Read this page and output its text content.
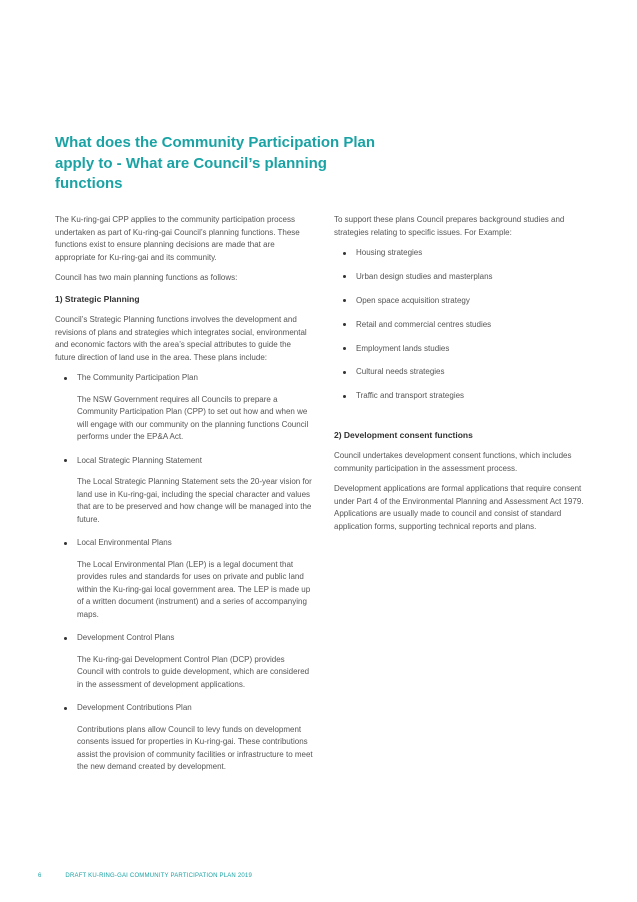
What does the Community Participation Plan apply to - What are Council’s planning functions

The Ku-ring-gai CPP applies to the community participation process undertaken as part of Ku-ring-gai Council’s planning functions. These functions exist to ensure planning decisions are made that are appropriate for Ku-ring-gai and its community.

Council has two main planning functions as follows:

1) Strategic Planning

Council’s Strategic Planning functions involves the development and revisions of plans and strategies which integrates social, environmental and economic factors with the area’s special attributes to guide the future direction of land use in the area. These plans include:

The Community Participation Plan
The NSW Government requires all Councils to prepare a Community Participation Plan (CPP) to set out how and when we will engage with our community on the planning functions Council performs under the EP&A Act.
Local Strategic Planning Statement
The Local Strategic Planning Statement sets the 20-year vision for land use in Ku-ring-gai, including the special character and values that are to be preserved and how change will be managed into the future.
Local Environmental Plans
The Local Environmental Plan (LEP) is a legal document that provides rules and standards for uses on private and public land within the Ku-ring-gai local government area. The LEP is made up of a written document (instrument) and a series of accompanying maps.
Development Control Plans
The Ku-ring-gai Development Control Plan (DCP) provides Council with controls to guide development, which are considered in the assessment of development applications.
Development Contributions Plan
Contributions plans allow Council to levy funds on development consents issued for properties in Ku-ring-gai. These contributions assist the provision of community facilities or infrastructure to meet the new demand created by development.

To support these plans Council prepares background studies and strategies relating to specific issues. For Example:

Housing strategies
Urban design studies and masterplans
Open space acquisition strategy
Retail and commercial centres studies
Employment lands studies
Cultural needs strategies
Traffic and transport strategies
2) Development consent functions

Council undertakes development consent functions, which includes community participation in the assessment process.

Development applications are formal applications that require consent under Part 4 of the Environmental Planning and Assessment Act 1979. Applications are usually made to council and consist of standard application forms, supporting technical reports and plans.

6	DRAFT KU-RING-GAI COMMUNITY PARTICIPATION PLAN 2019
